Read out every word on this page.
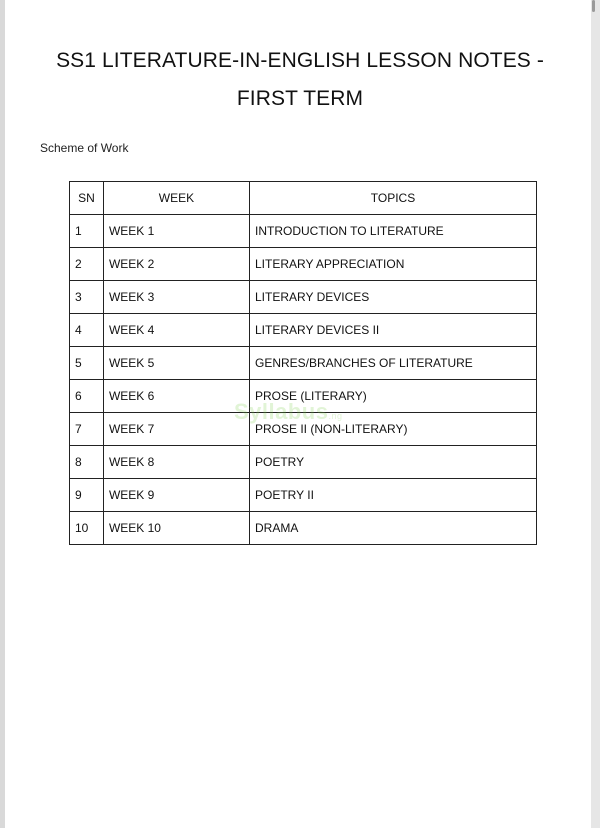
SS1 LITERATURE-IN-ENGLISH LESSON NOTES -
FIRST TERM
Scheme of Work
SN	WEEK	TOPICS
1	WEEK 1	INTRODUCTION TO LITERATURE
2	WEEK 2	LITERARY APPRECIATION
3	WEEK 3	LITERARY DEVICES
4	WEEK 4	LITERARY DEVICES II
5	WEEK 5	GENRES/BRANCHES OF LITERATURE
6	WEEK 6	PROSE (LITERARY)
7	WEEK 7	PROSE II (NON-LITERARY)
8	WEEK 8	POETRY
9	WEEK 9	POETRY II
10	WEEK 10	DRAMA
Syllabus.ng
